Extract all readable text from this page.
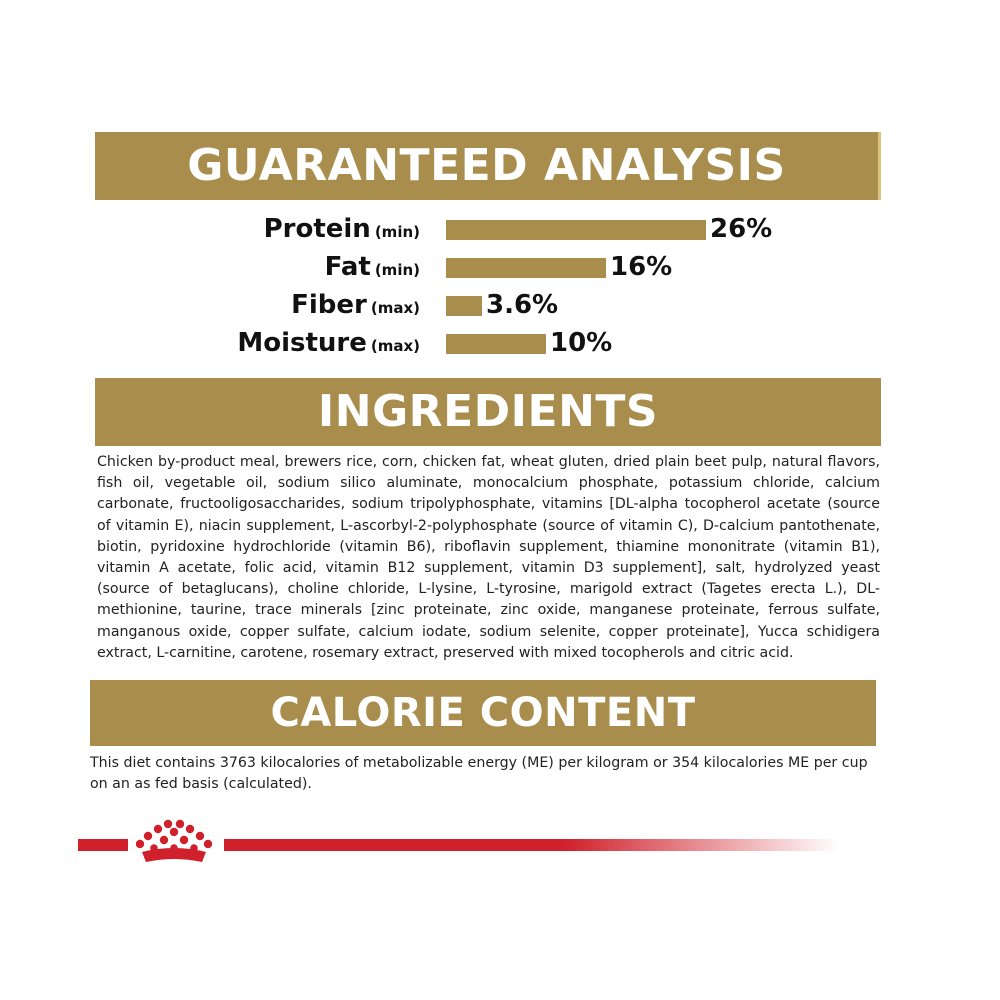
GUARANTEED ANALYSIS
Protein (min)	26%
Fat (min)	16%
Fiber (max)	3.6%
Moisture (max)	10%
INGREDIENTS
Chicken by-product meal, brewers rice, corn, chicken fat, wheat gluten, dried plain beet pulp, natural flavors, fish oil, vegetable oil, sodium silico aluminate, monocalcium phosphate, potassium chloride, calcium carbonate, fructooligosaccharides, sodium tripolyphosphate, vitamins [DL-alpha tocopherol acetate (source of vitamin E), niacin supplement, L-ascorbyl-2-polyphosphate (source of vitamin C), D-calcium pantothenate, biotin, pyridoxine hydrochloride (vitamin B6), riboflavin supplement, thiamine mononitrate (vitamin B1), vitamin A acetate, folic acid, vitamin B12 supplement, vitamin D3 supplement], salt, hydrolyzed yeast (source of betaglucans), choline chloride, L-lysine, L-tyrosine, marigold extract (Tagetes erecta L.), DL-methionine, taurine, trace minerals [zinc proteinate, zinc oxide, manganese proteinate, ferrous sulfate, manganous oxide, copper sulfate, calcium iodate, sodium selenite, copper proteinate], Yucca schidigera extract, L-carnitine, carotene, rosemary extract, preserved with mixed tocopherols and citric acid.
CALORIE CONTENT
This diet contains 3763 kilocalories of metabolizable energy (ME) per kilogram or 354 kilocalories ME per cup on an as fed basis (calculated).
